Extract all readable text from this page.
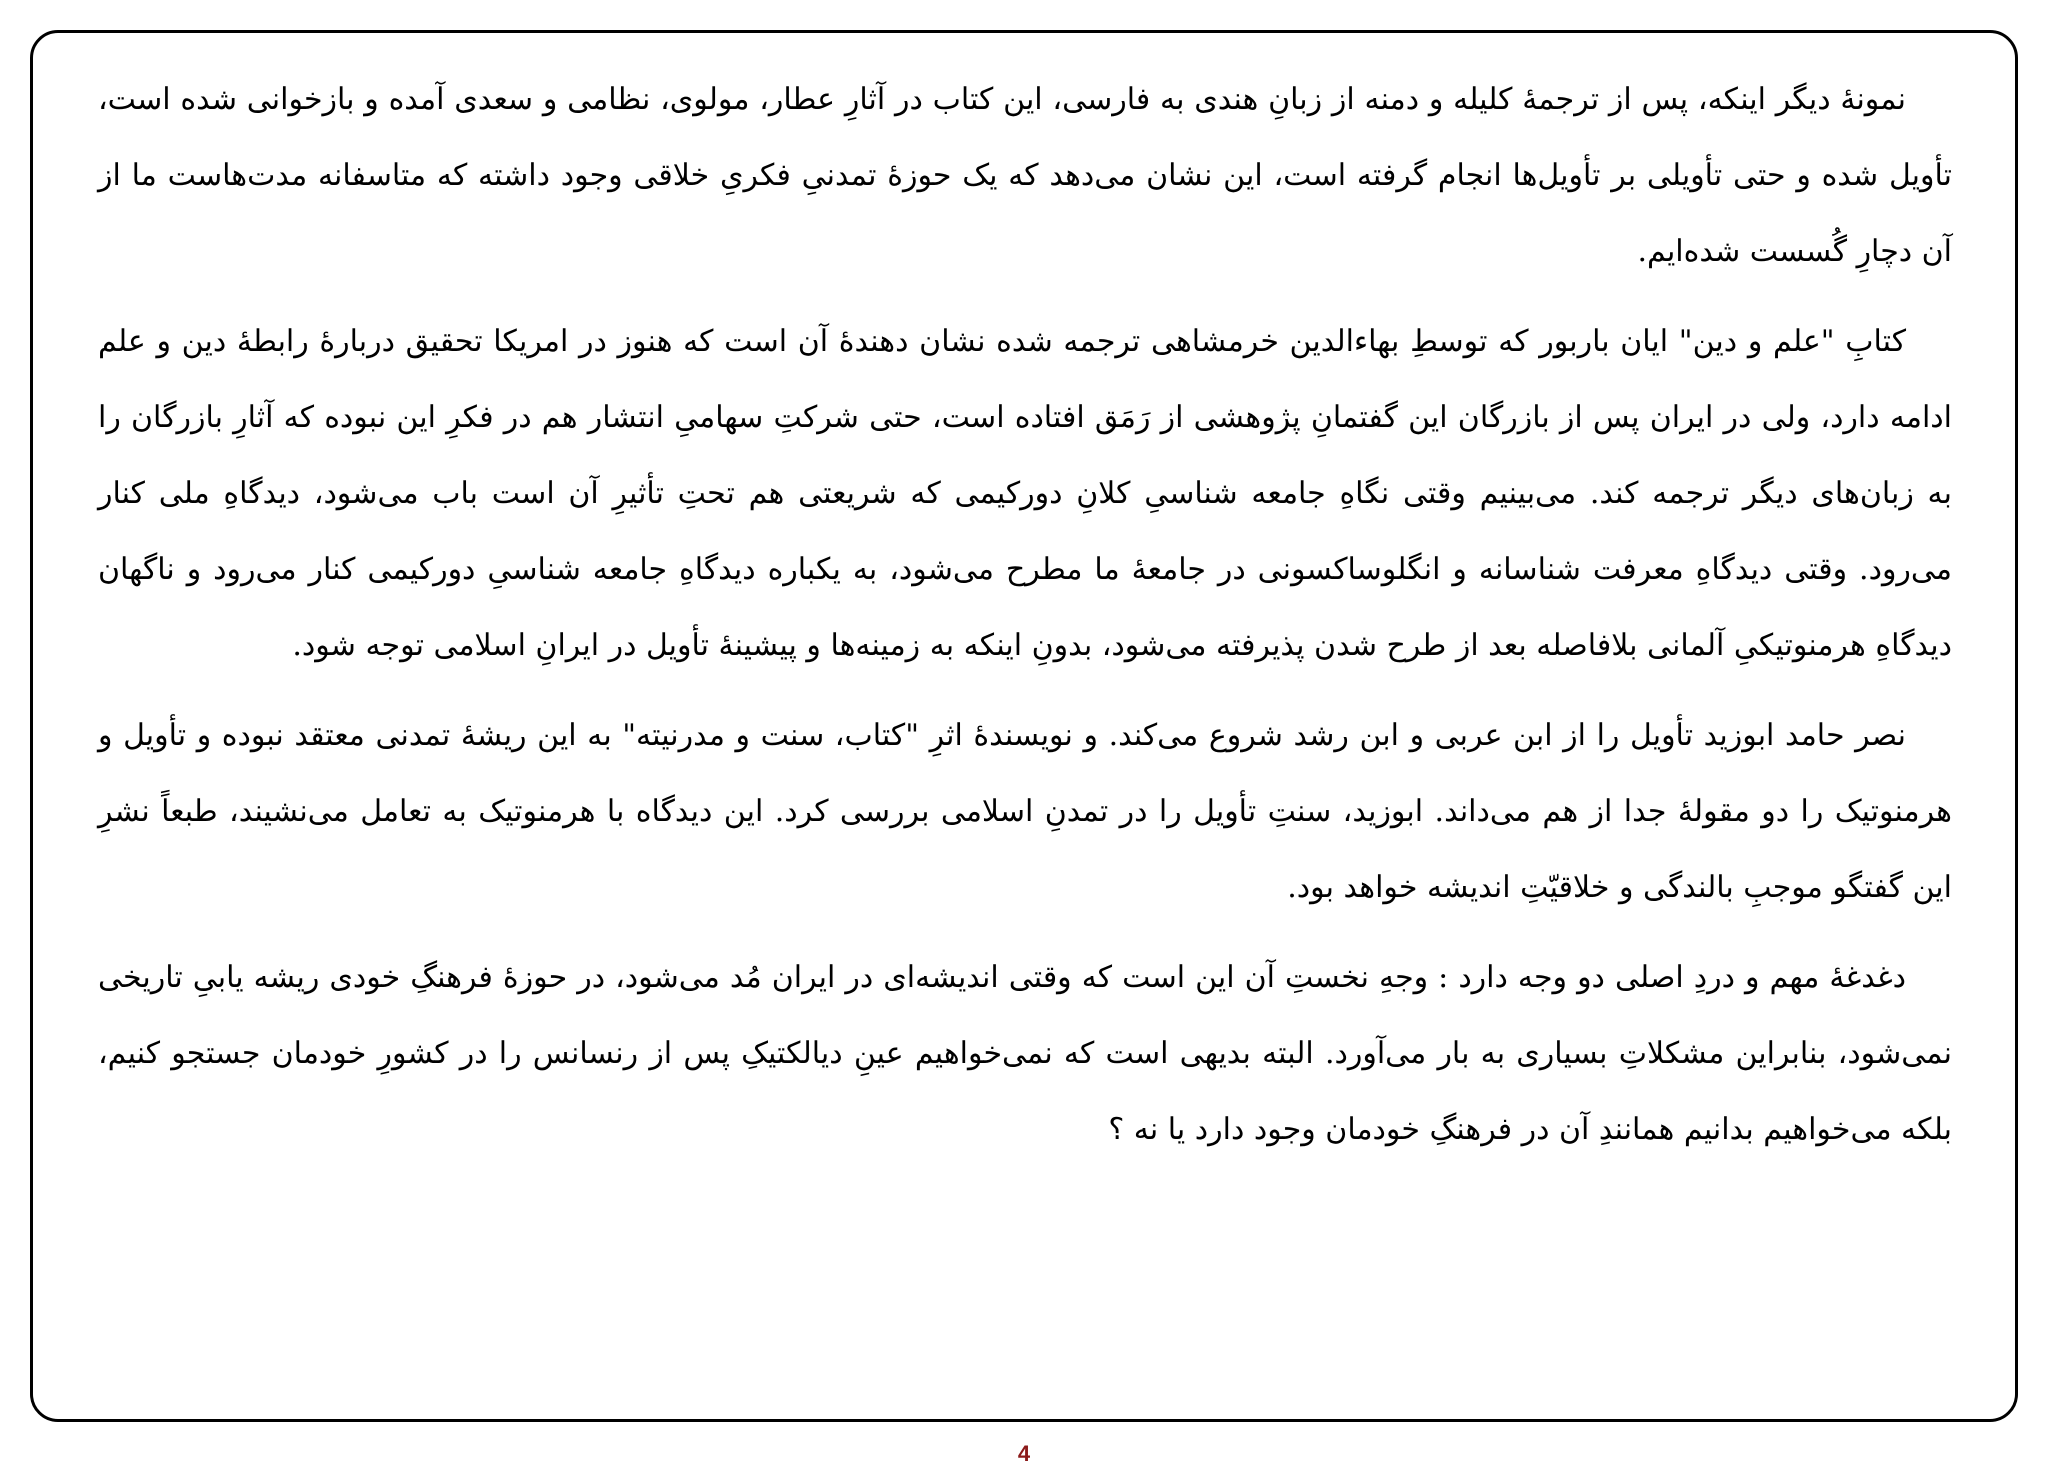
نمونهٔ دیگر اینکه، پس از ترجمهٔ کلیله و دمنه از زبانِ هندی به فارسی، این کتاب در آثارِ عطار، مولوی، نظامی و سعدی آمده و بازخوانی شده است، تأویل شده و حتی تأویلی بر تأویل‌ها انجام گرفته است، این نشان می‌دهد که یک حوزهٔ تمدنیِ فکریِ خلاقی وجود داشته که متاسفانه مدت‌هاست ما از آن دچارِ گُسست شده‌ایم.

کتابِ "علم و دین" ایان باربور که توسطِ بهاءالدین خرمشاهی ترجمه شده نشان دهندهٔ آن است که هنوز در امریکا تحقیق دربارهٔ رابطهٔ دین و علم ادامه دارد، ولی در ایران پس از بازرگان این گفتمانِ پژوهشی از رَمَق افتاده است، حتی شرکتِ سهامیِ انتشار هم در فکرِ این نبوده که آثارِ بازرگان را به زبان‌های دیگر ترجمه کند. می‌بینیم وقتی نگاهِ جامعه شناسیِ کلانِ دورکیمی که شریعتی هم تحتِ تأثیرِ آن است باب می‌شود، دیدگاهِ ملی کنار می‌رود. وقتی دیدگاهِ معرفت شناسانه و انگلوساکسونی در جامعهٔ ما مطرح می‌شود، به یکباره دیدگاهِ جامعه شناسیِ دورکیمی کنار می‌رود و ناگهان دیدگاهِ هرمنوتیکیِ آلمانی بلافاصله بعد از طرح شدن پذیرفته می‌شود، بدونِ اینکه به زمینه‌ها و پیشینهٔ تأویل در ایرانِ اسلامی توجه شود.

نصر حامد ابوزید تأویل را از ابن عربی و ابن رشد شروع می‌کند. و نویسندهٔ اثرِ "کتاب، سنت و مدرنیته" به این ریشهٔ تمدنی معتقد نبوده و تأویل و هرمنوتیک را دو مقولهٔ جدا از هم می‌داند. ابوزید، سنتِ تأویل را در تمدنِ اسلامی بررسی کرد. این دیدگاه با هرمنوتیک به تعامل می‌نشیند، طبعاً نشرِ این گفتگو موجبِ بالندگی و خلاقیّتِ اندیشه خواهد بود.

دغدغهٔ مهم و دردِ اصلی دو وجه دارد : وجهِ نخستِ آن این است که وقتی اندیشه‌ای در ایران مُد می‌شود، در حوزهٔ فرهنگِ خودی ریشه یابیِ تاریخی نمی‌شود، بنابراین مشکلاتِ بسیاری به بار می‌آورد. البته بدیهی است که نمی‌خواهیم عینِ دیالکتیکِ پس از رنسانس را در کشورِ خودمان جستجو کنیم، بلکه می‌خواهیم بدانیم همانندِ آن در فرهنگِ خودمان وجود دارد یا نه ؟

4
